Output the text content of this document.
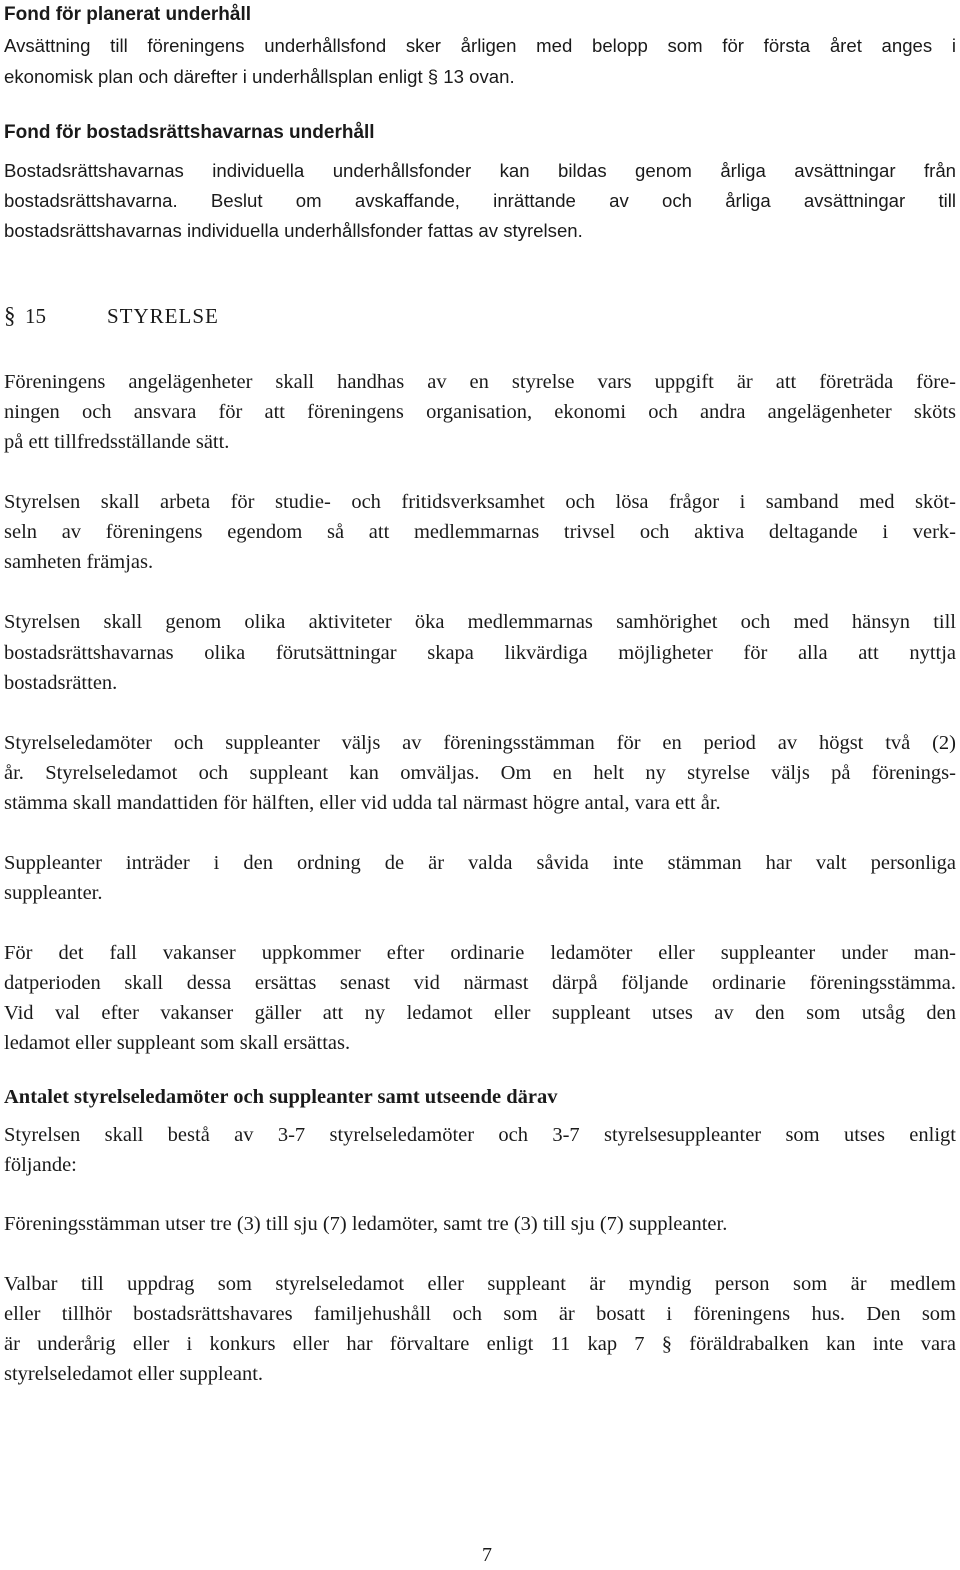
Fond för planerat underhåll
Avsättning till föreningens underhållsfond sker årligen med belopp som för första året anges i
ekonomisk plan och därefter i underhållsplan enligt § 13 ovan.
Fond för bostadsrättshavarnas underhåll
Bostadsrättshavarnas individuella underhållsfonder kan bildas genom årliga avsättningar från
bostadsrättshavarna. Beslut om avskaffande, inrättande av och årliga avsättningar till
bostadsrättshavarnas individuella underhållsfonder fattas av styrelsen.
§ 15	STYRELSE
Föreningens angelägenheter skall handhas av en styrelse vars uppgift är att företräda före-
ningen och ansvara för att föreningens organisation, ekonomi och andra angelägenheter sköts
på ett tillfredsställande sätt.
Styrelsen skall arbeta för studie- och fritidsverksamhet och lösa frågor i samband med sköt-
seln av föreningens egendom så att medlemmarnas trivsel och aktiva deltagande i verk-
samheten främjas.
Styrelsen skall genom olika aktiviteter öka medlemmarnas samhörighet och med hänsyn till
bostadsrättshavarnas olika förutsättningar skapa likvärdiga möjligheter för alla att nyttja
bostadsrätten.
Styrelseledamöter och suppleanter väljs av föreningsstämman för en period av högst två (2)
år. Styrelseledamot och suppleant kan omväljas. Om en helt ny styrelse väljs på förenings-
stämma skall mandattiden för hälften, eller vid udda tal närmast högre antal, vara ett år.
Suppleanter inträder i den ordning de är valda såvida inte stämman har valt personliga
suppleanter.
För det fall vakanser uppkommer efter ordinarie ledamöter eller suppleanter under man-
datperioden skall dessa ersättas senast vid närmast därpå följande ordinarie föreningsstämma.
Vid val efter vakanser gäller att ny ledamot eller suppleant utses av den som utsåg den
ledamot eller suppleant som skall ersättas.
Antalet styrelseledamöter och suppleanter samt utseende därav
Styrelsen skall bestå av 3-7 styrelseledamöter och 3-7 styrelsesuppleanter som utses enligt
följande:
Föreningsstämman utser tre (3) till sju (7) ledamöter, samt tre (3) till sju (7) suppleanter.
Valbar till uppdrag som styrelseledamot eller suppleant är myndig person som är medlem
eller tillhör bostadsrättshavares familjehushåll och som är bosatt i föreningens hus. Den som
är underårig eller i konkurs eller har förvaltare enligt 11 kap 7 § föräldrabalken kan inte vara
styrelseledamot eller suppleant.
7
